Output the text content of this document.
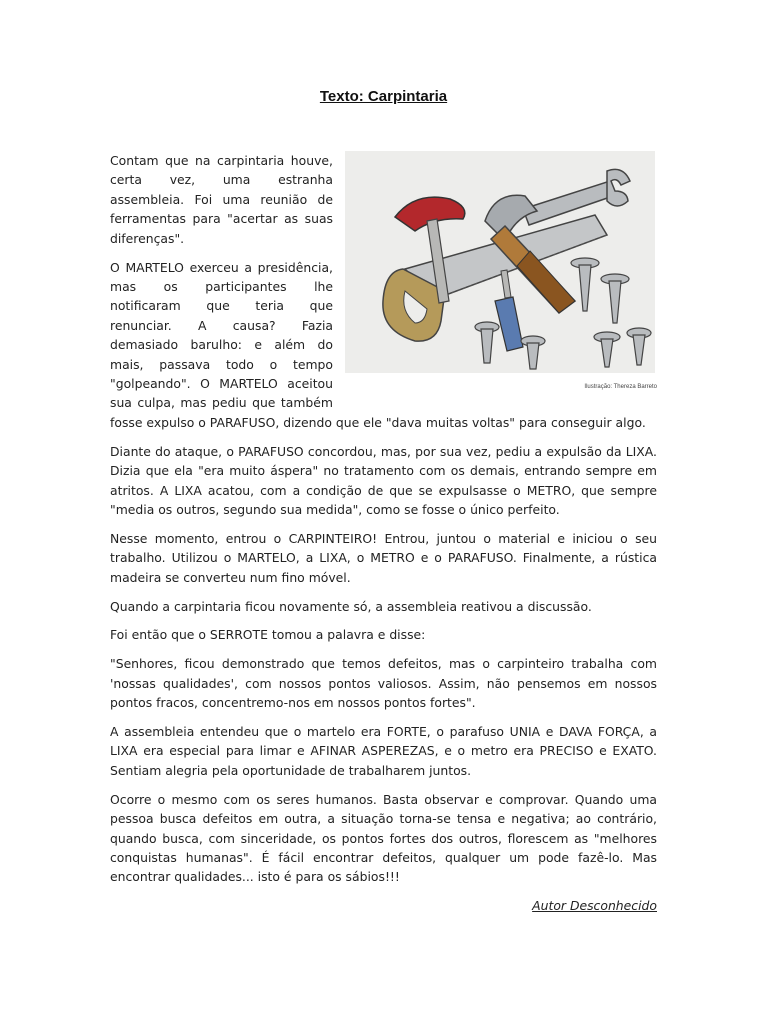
Texto: Carpintaria
Ilustração: Thereza Barreto

Contam que na carpintaria houve, certa vez, uma estranha assembleia. Foi uma reunião de ferramentas para "acertar as suas diferenças".

O MARTELO exerceu a presidência, mas os participantes lhe notificaram que teria que renunciar. A causa? Fazia demasiado barulho: e além do mais, passava todo o tempo "golpeando". O MARTELO aceitou sua culpa, mas pediu que também fosse expulso o PARAFUSO, dizendo que ele "dava muitas voltas" para conseguir algo.

Diante do ataque, o PARAFUSO concordou, mas, por sua vez, pediu a expulsão da LIXA. Dizia que ela "era muito áspera" no tratamento com os demais, entrando sempre em atritos. A LIXA acatou, com a condição de que se expulsasse o METRO, que sempre "media os outros, segundo sua medida", como se fosse o único perfeito.

Nesse momento, entrou o CARPINTEIRO! Entrou, juntou o material e iniciou o seu trabalho. Utilizou o MARTELO, a LIXA, o METRO e o PARAFUSO. Finalmente, a rústica madeira se converteu num fino móvel.

Quando a carpintaria ficou novamente só, a assembleia reativou a discussão.

Foi então que o SERROTE tomou a palavra e disse:

"Senhores, ficou demonstrado que temos defeitos, mas o carpinteiro trabalha com 'nossas qualidades', com nossos pontos valiosos. Assim, não pensemos em nossos pontos fracos, concentremo-nos em nossos pontos fortes".

A assembleia entendeu que o martelo era FORTE, o parafuso UNIA e DAVA FORÇA, a LIXA era especial para limar e AFINAR ASPEREZAS, e o metro era PRECISO e EXATO. Sentiam alegria pela oportunidade de trabalharem juntos.

Ocorre o mesmo com os seres humanos. Basta observar e comprovar. Quando uma pessoa busca defeitos em outra, a situação torna-se tensa e negativa; ao contrário, quando busca, com sinceridade, os pontos fortes dos outros, florescem as "melhores conquistas humanas". É fácil encontrar defeitos, qualquer um pode fazê-lo. Mas encontrar qualidades... isto é para os sábios!!!

Autor Desconhecido
